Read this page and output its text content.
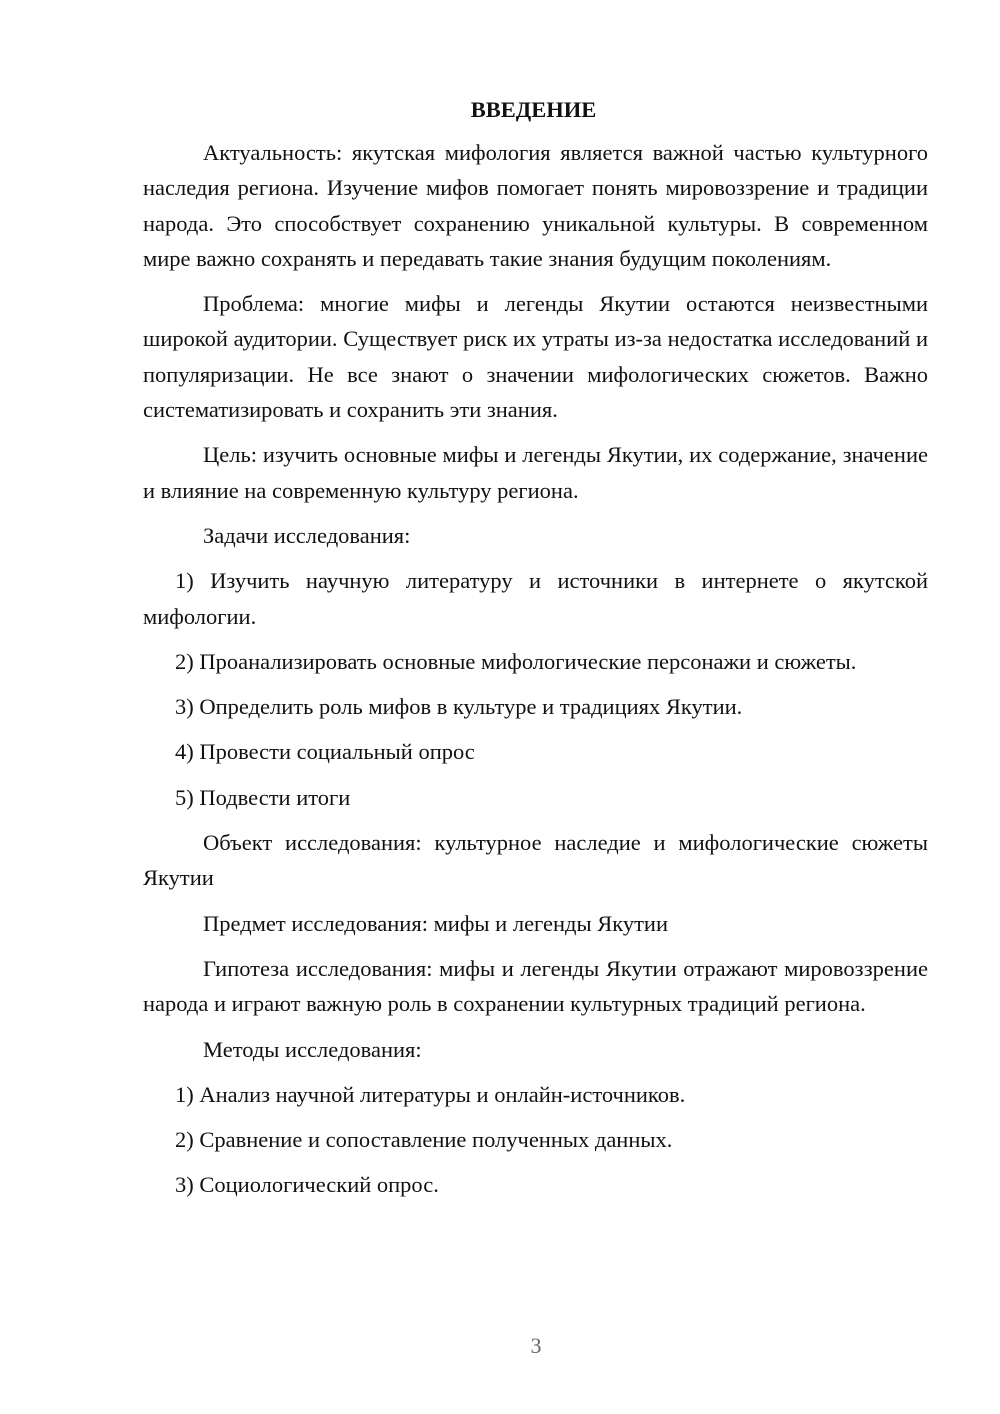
ВВЕДЕНИЕ

Актуальность: якутская мифология является важной частью культурного наследия региона. Изучение мифов помогает понять мировоззрение и традиции народа. Это способствует сохранению уникальной культуры. В современном мире важно сохранять и передавать такие знания будущим поколениям.

Проблема: многие мифы и легенды Якутии остаются неизвестными широкой аудитории. Существует риск их утраты из-за недостатка исследований и популяризации. Не все знают о значении мифологических сюжетов. Важно систематизировать и сохранить эти знания.

Цель: изучить основные мифы и легенды Якутии, их содержание, значение и влияние на современную культуру региона.

Задачи исследования:

1) Изучить научную литературу и источники в интернете о якутской мифологии.

2) Проанализировать основные мифологические персонажи и сюжеты.

3) Определить роль мифов в культуре и традициях Якутии.

4) Провести социальный опрос

5) Подвести итоги

Объект исследования: культурное наследие и мифологические сюжеты Якутии

Предмет исследования: мифы и легенды Якутии

Гипотеза исследования: мифы и легенды Якутии отражают мировоззрение народа и играют важную роль в сохранении культурных традиций региона.

Методы исследования:

1) Анализ научной литературы и онлайн-источников.

2) Сравнение и сопоставление полученных данных.

3) Социологический опрос.

3
